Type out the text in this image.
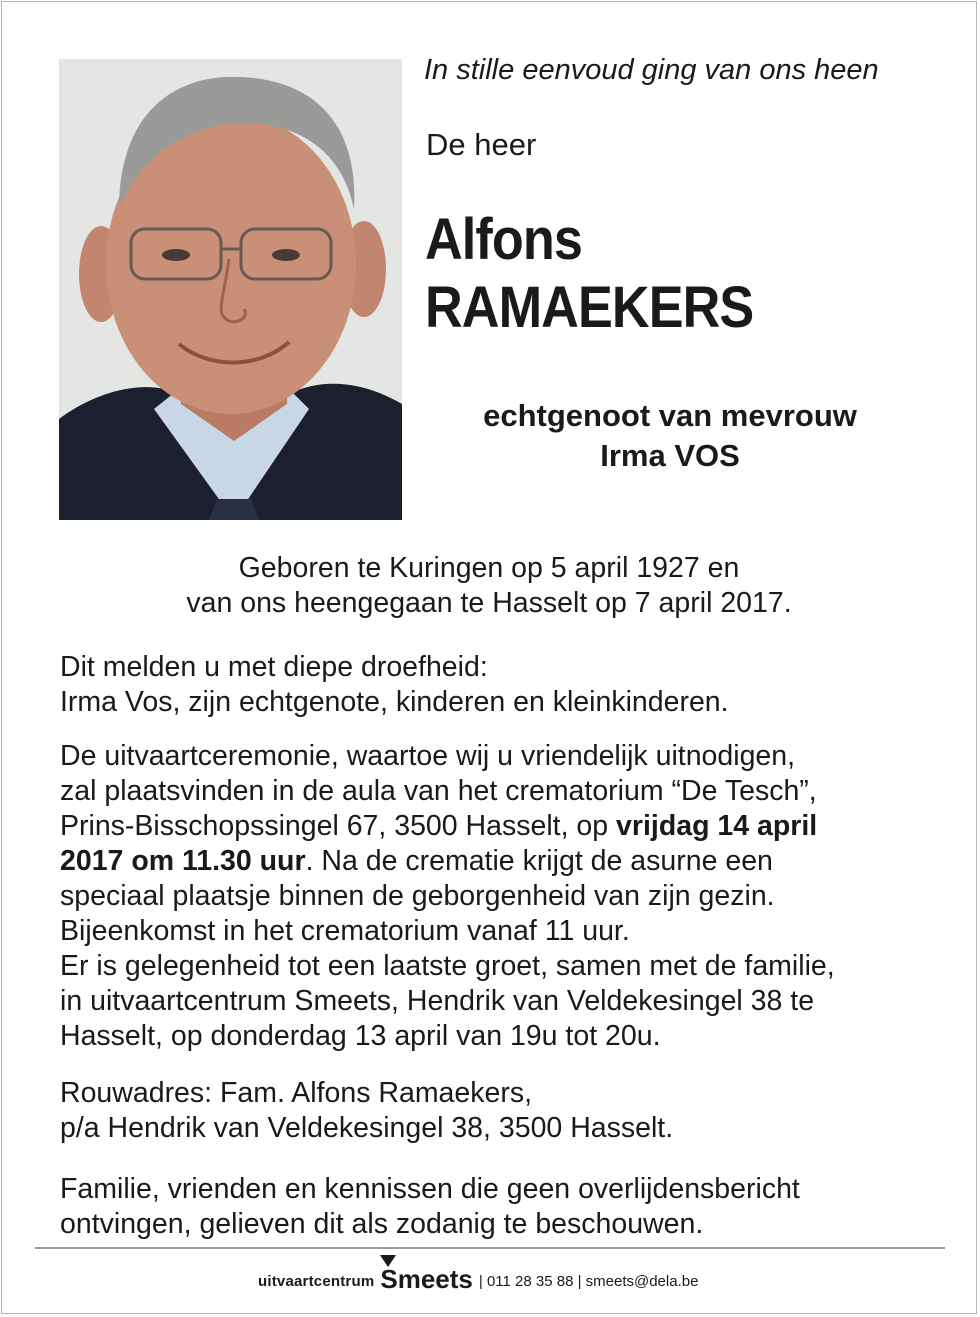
In stille eenvoud ging van ons heen
De heer
Alfons
RAMAEKERS
echtgenoot van mevrouw
Irma VOS
Geboren te Kuringen op 5 april 1927 en
van ons heengegaan te Hasselt op 7 april 2017.
Dit melden u met diepe droefheid:
Irma Vos, zijn echtgenote, kinderen en kleinkinderen.
De uitvaartceremonie, waartoe wij u vriendelijk uitnodigen,
zal plaatsvinden in de aula van het crematorium “De Tesch”,
Prins-Bisschopssingel 67, 3500 Hasselt, op vrijdag 14 april
2017 om 11.30 uur. Na de crematie krijgt de asurne een
speciaal plaatsje binnen de geborgenheid van zijn gezin.
Bijeenkomst in het crematorium vanaf 11 uur.
Er is gelegenheid tot een laatste groet, samen met de familie,
in uitvaartcentrum Smeets, Hendrik van Veldekesingel 38 te
Hasselt, op donderdag 13 april van 19u tot 20u.
Rouwadres: Fam. Alfons Ramaekers,
p/a Hendrik van Veldekesingel 38, 3500 Hasselt.
Familie, vrienden en kennissen die geen overlijdensbericht
ontvingen, gelieven dit als zodanig te beschouwen.
uitvaartcentrum Smeets | 011 28 35 88 | smeets@dela.be
